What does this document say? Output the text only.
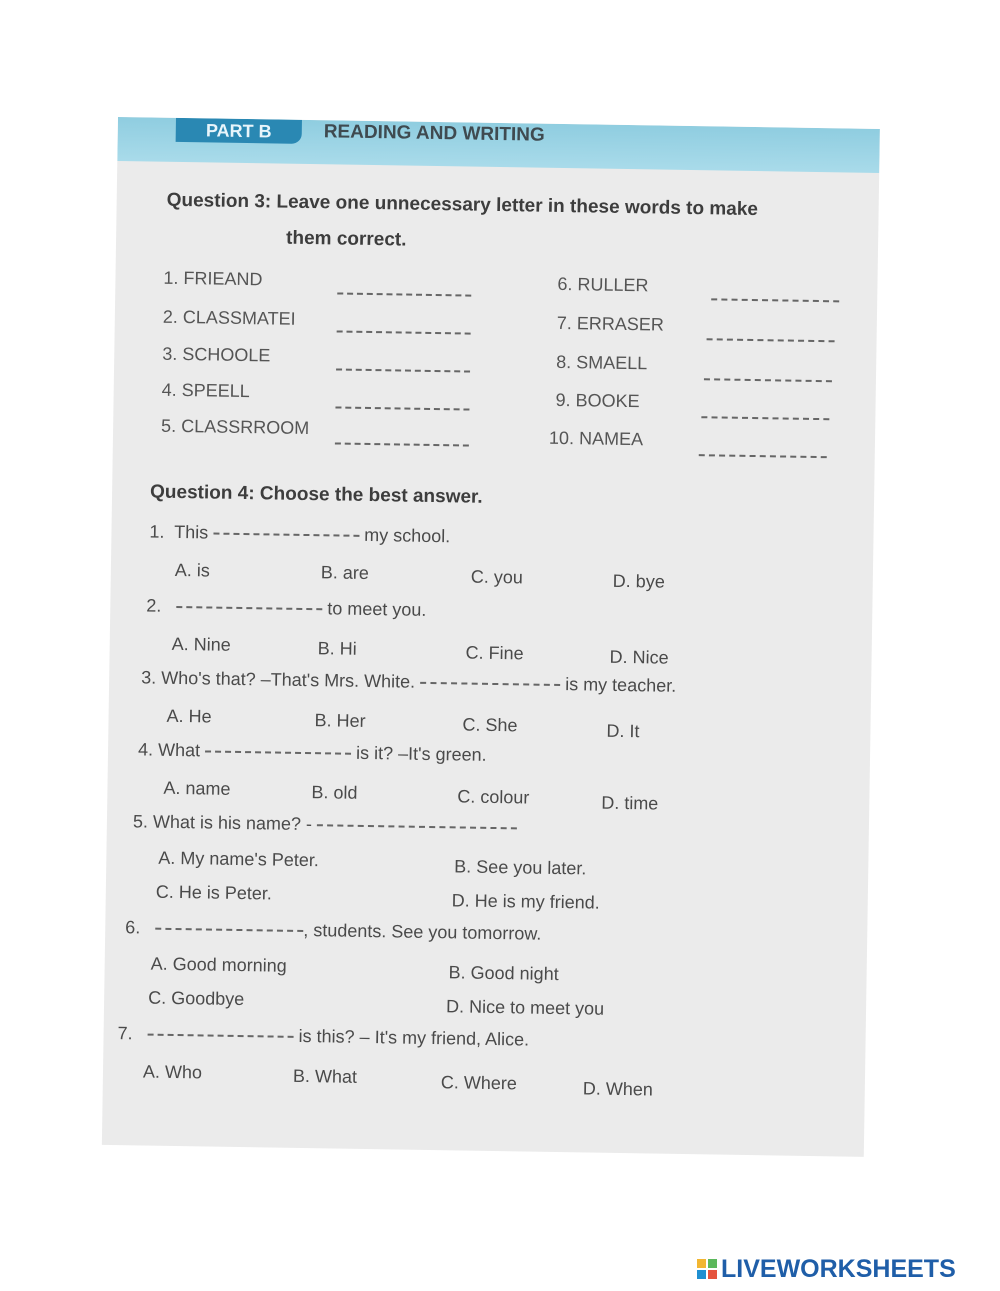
PART B	READING AND WRITING
Question 3: Leave one unnecessary letter in these words to make
them correct.
1. FRIEAND
2. CLASSMATEI
3. SCHOOLE
4. SPEELL
5. CLASSRROOM
6. RULLER
7. ERRASER
8. SMAELL
9. BOOKE
10. NAMEA
Question 4: Choose the best answer.
1. This	my school.
A. is	B. are	C. you	D. bye
2.	to meet you.
A. Nine	B. Hi	C. Fine	D. Nice
3. Who's that? –That's Mrs. White.	is my teacher.
A. He	B. Her	C. She	D. It
4. What	is it? –It's green.
A. name	B. old	C. colour	D. time
5. What is his name? -
A. My name's Peter.	B. See you later.
C. He is Peter.	D. He is my friend.
6.	, students. See you tomorrow.
A. Good morning	B. Good night
C. Goodbye	D. Nice to meet you
7.	is this? – It's my friend, Alice.
A. Who	B. What	C. Where	D. When
LIVEWORKSHEETS
